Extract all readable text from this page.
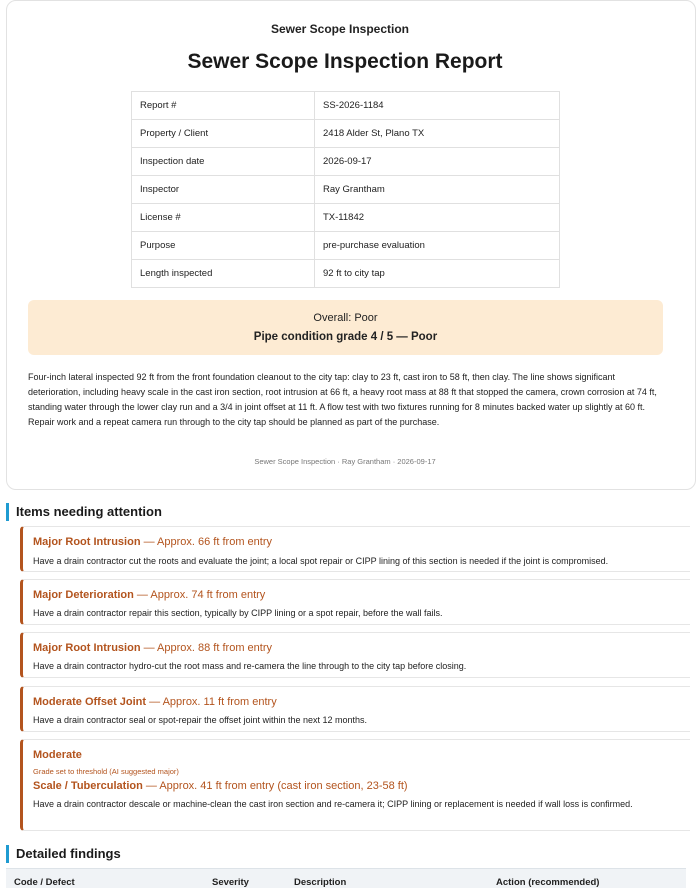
Sewer Scope Inspection
Sewer Scope Inspection Report
Report #	SS-2026-1184
Property / Client	2418 Alder St, Plano TX
Inspection date	2026-09-17
Inspector	Ray Grantham
License #	TX-11842
Purpose	pre-purchase evaluation
Length inspected	92 ft to city tap
Overall: Poor
Pipe condition grade 4 / 5 — Poor
Four-inch lateral inspected 92 ft from the front foundation cleanout to the city tap: clay to 23 ft, cast iron to 58 ft, then clay. The line shows significant deterioration, including heavy scale in the cast iron section, root intrusion at 66 ft, a heavy root mass at 88 ft that stopped the camera, crown corrosion at 74 ft, standing water through the lower clay run and a 3/4 in joint offset at 11 ft. A flow test with two fixtures running for 8 minutes backed water up slightly at 60 ft. Repair work and a repeat camera run through to the city tap should be planned as part of the purchase.
Sewer Scope Inspection · Ray Grantham · 2026-09-17
Items needing attention
Major Root Intrusion — Approx. 66 ft from entry
Have a drain contractor cut the roots and evaluate the joint; a local spot repair or CIPP lining of this section is needed if the joint is compromised.
Major Deterioration — Approx. 74 ft from entry
Have a drain contractor repair this section, typically by CIPP lining or a spot repair, before the wall fails.
Major Root Intrusion — Approx. 88 ft from entry
Have a drain contractor hydro-cut the root mass and re-camera the line through to the city tap before closing.
Moderate Offset Joint — Approx. 11 ft from entry
Have a drain contractor seal or spot-repair the offset joint within the next 12 months.
Moderate
Grade set to threshold (AI suggested major)
Scale / Tuberculation — Approx. 41 ft from entry (cast iron section, 23-58 ft)
Have a drain contractor descale or machine-clean the cast iron section and re-camera it; CIPP lining or replacement is needed if wall loss is confirmed.
Detailed findings
Code / Defect	Severity	Description	Action (recommended)
